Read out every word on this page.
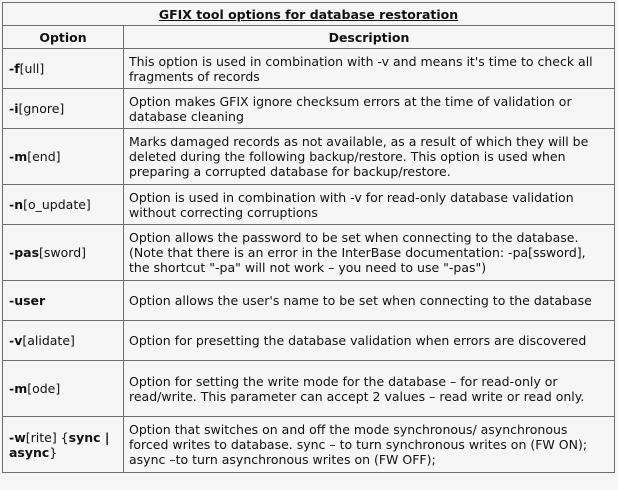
GFIX tool options for database restoration	
Option	Description
-f[ull]	This option is used in combination with -v and means it's time to check all fragments of records
-i[gnore]	Option makes GFIX ignore checksum errors at the time of validation or database cleaning
-m[end]	Marks damaged records as not available, as a result of which they will be deleted during the following backup/restore. This option is used when preparing a corrupted database for backup/restore.
-n[o_update]	Option is used in combination with -v for read-only database validation without correcting corruptions
-pas[sword]	Option allows the password to be set when connecting to the database. (Note that there is an error in the InterBase documentation: -pa[ssword], the shortcut "-pa" will not work – you need to use "-pas")
-user	Option allows the user's name to be set when connecting to the database
-v[alidate]	Option for presetting the database validation when errors are discovered
-m[ode]	Option for setting the write mode for the database – for read-only or read/write. This parameter can accept 2 values – read write or read only.
-w[rite] {sync | async}	Option that switches on and off the mode synchronous/ asynchronous forced writes to database. sync – to turn synchronous writes on (FW ON); async –to turn asynchronous writes on (FW OFF);
